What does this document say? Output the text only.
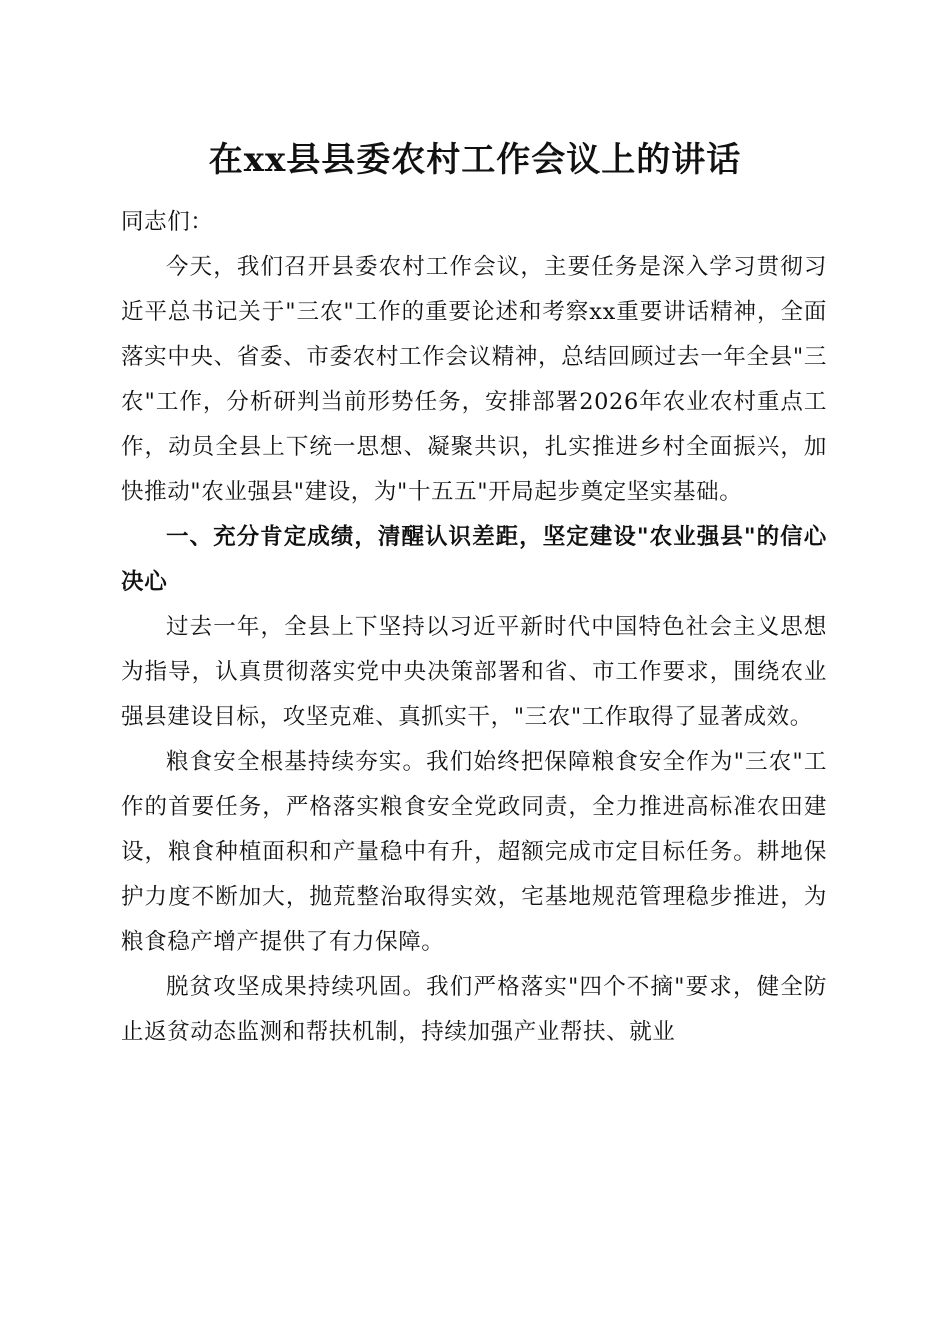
在xx县县委农村工作会议上的讲话

同志们：

今天，我们召开县委农村工作会议，主要任务是深入学习贯彻习近平总书记关于"三农"工作的重要论述和考察xx重要讲话精神，全面落实中央、省委、市委农村工作会议精神，总结回顾过去一年全县"三农"工作，分析研判当前形势任务，安排部署2026年农业农村重点工作，动员全县上下统一思想、凝聚共识，扎实推进乡村全面振兴，加快推动"农业强县"建设，为"十五五"开局起步奠定坚实基础。

一、充分肯定成绩，清醒认识差距，坚定建设"农业强县"的信心决心

过去一年，全县上下坚持以习近平新时代中国特色社会主义思想为指导，认真贯彻落实党中央决策部署和省、市工作要求，围绕农业强县建设目标，攻坚克难、真抓实干，"三农"工作取得了显著成效。

粮食安全根基持续夯实。我们始终把保障粮食安全作为"三农"工作的首要任务，严格落实粮食安全党政同责，全力推进高标准农田建设，粮食种植面积和产量稳中有升，超额完成市定目标任务。耕地保护力度不断加大，抛荒整治取得实效，宅基地规范管理稳步推进，为粮食稳产增产提供了有力保障。

脱贫攻坚成果持续巩固。我们严格落实"四个不摘"要求，健全防止返贫动态监测和帮扶机制，持续加强产业帮扶、就业
